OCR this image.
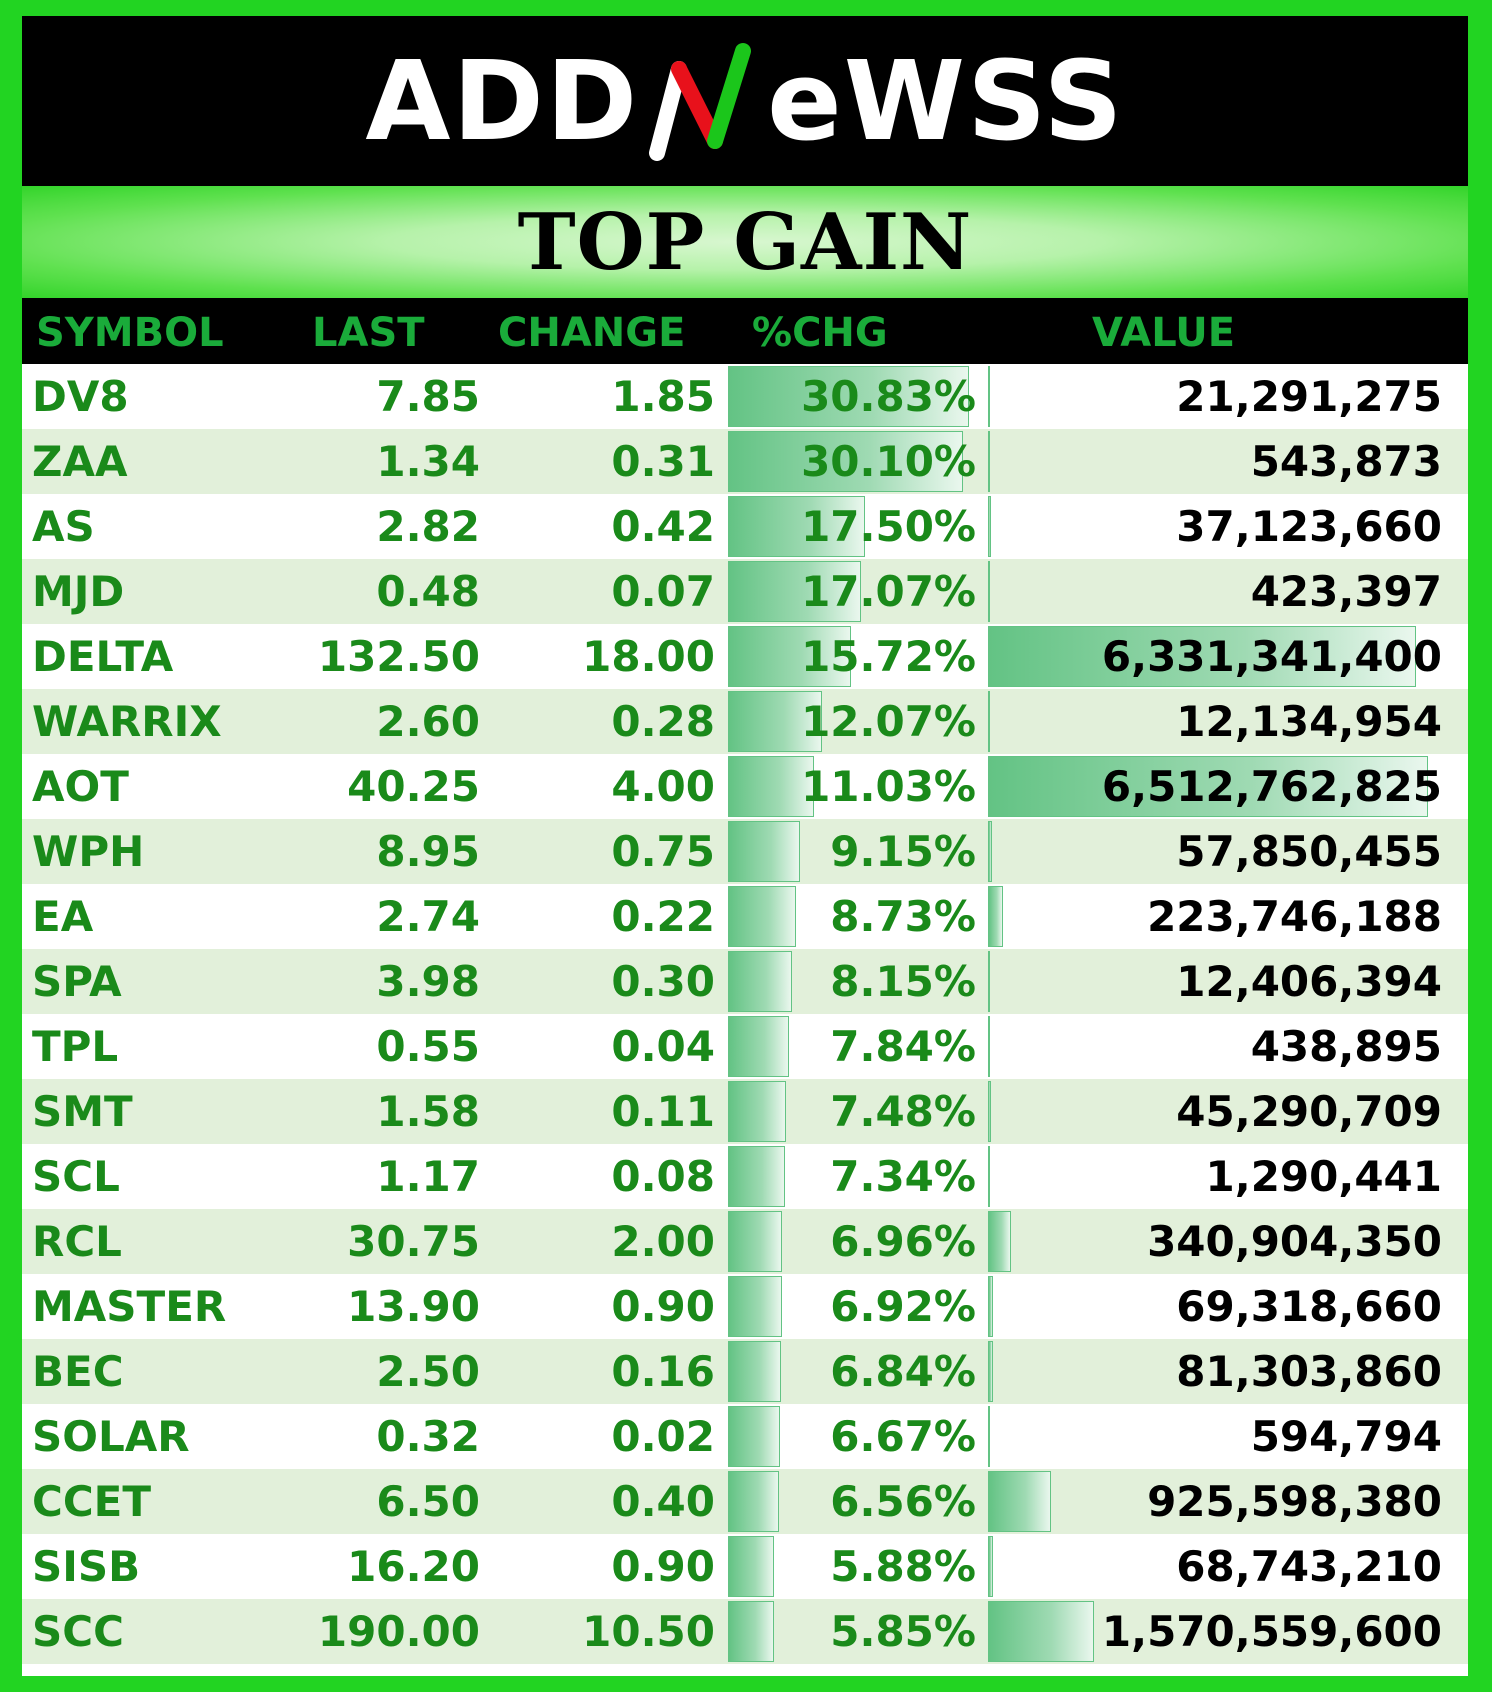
ADD eWSS
TOP GAIN
SYMBOL LAST CHANGE %CHG	VALUE
DV8	7.85	1.85 30.83%	21,291,275
ZAA	1.34	0.31 30.10%	543,873
AS	2.82	0.42 17.50%	37,123,660
MJD	0.48	0.07 17.07%	423,397
DELTA	132.50 18.00 15.72%	6,331,341,400
WARRIX	2.60	0.28 12.07%	12,134,954
AOT	40.25	4.00 11.03%	6,512,762,825
WPH	8.95	0.75	9.15%	57,850,455
EA	2.74	0.22	8.73%	223,746,188
SPA	3.98	0.30	8.15%	12,406,394
TPL	0.55	0.04	7.84%	438,895
SMT	1.58	0.11	7.48%	45,290,709
SCL	1.17	0.08	7.34%	1,290,441
RCL	30.75	2.00	6.96%	340,904,350
MASTER	13.90	0.90	6.92%	69,318,660
BEC	2.50	0.16	6.84%	81,303,860
SOLAR	0.32	0.02	6.67%	594,794
CCET	6.50	0.40	6.56%	925,598,380
SISB	16.20	0.90	5.88%	68,743,210
SCC	190.00 10.50	5.85%	1,570,559,600
